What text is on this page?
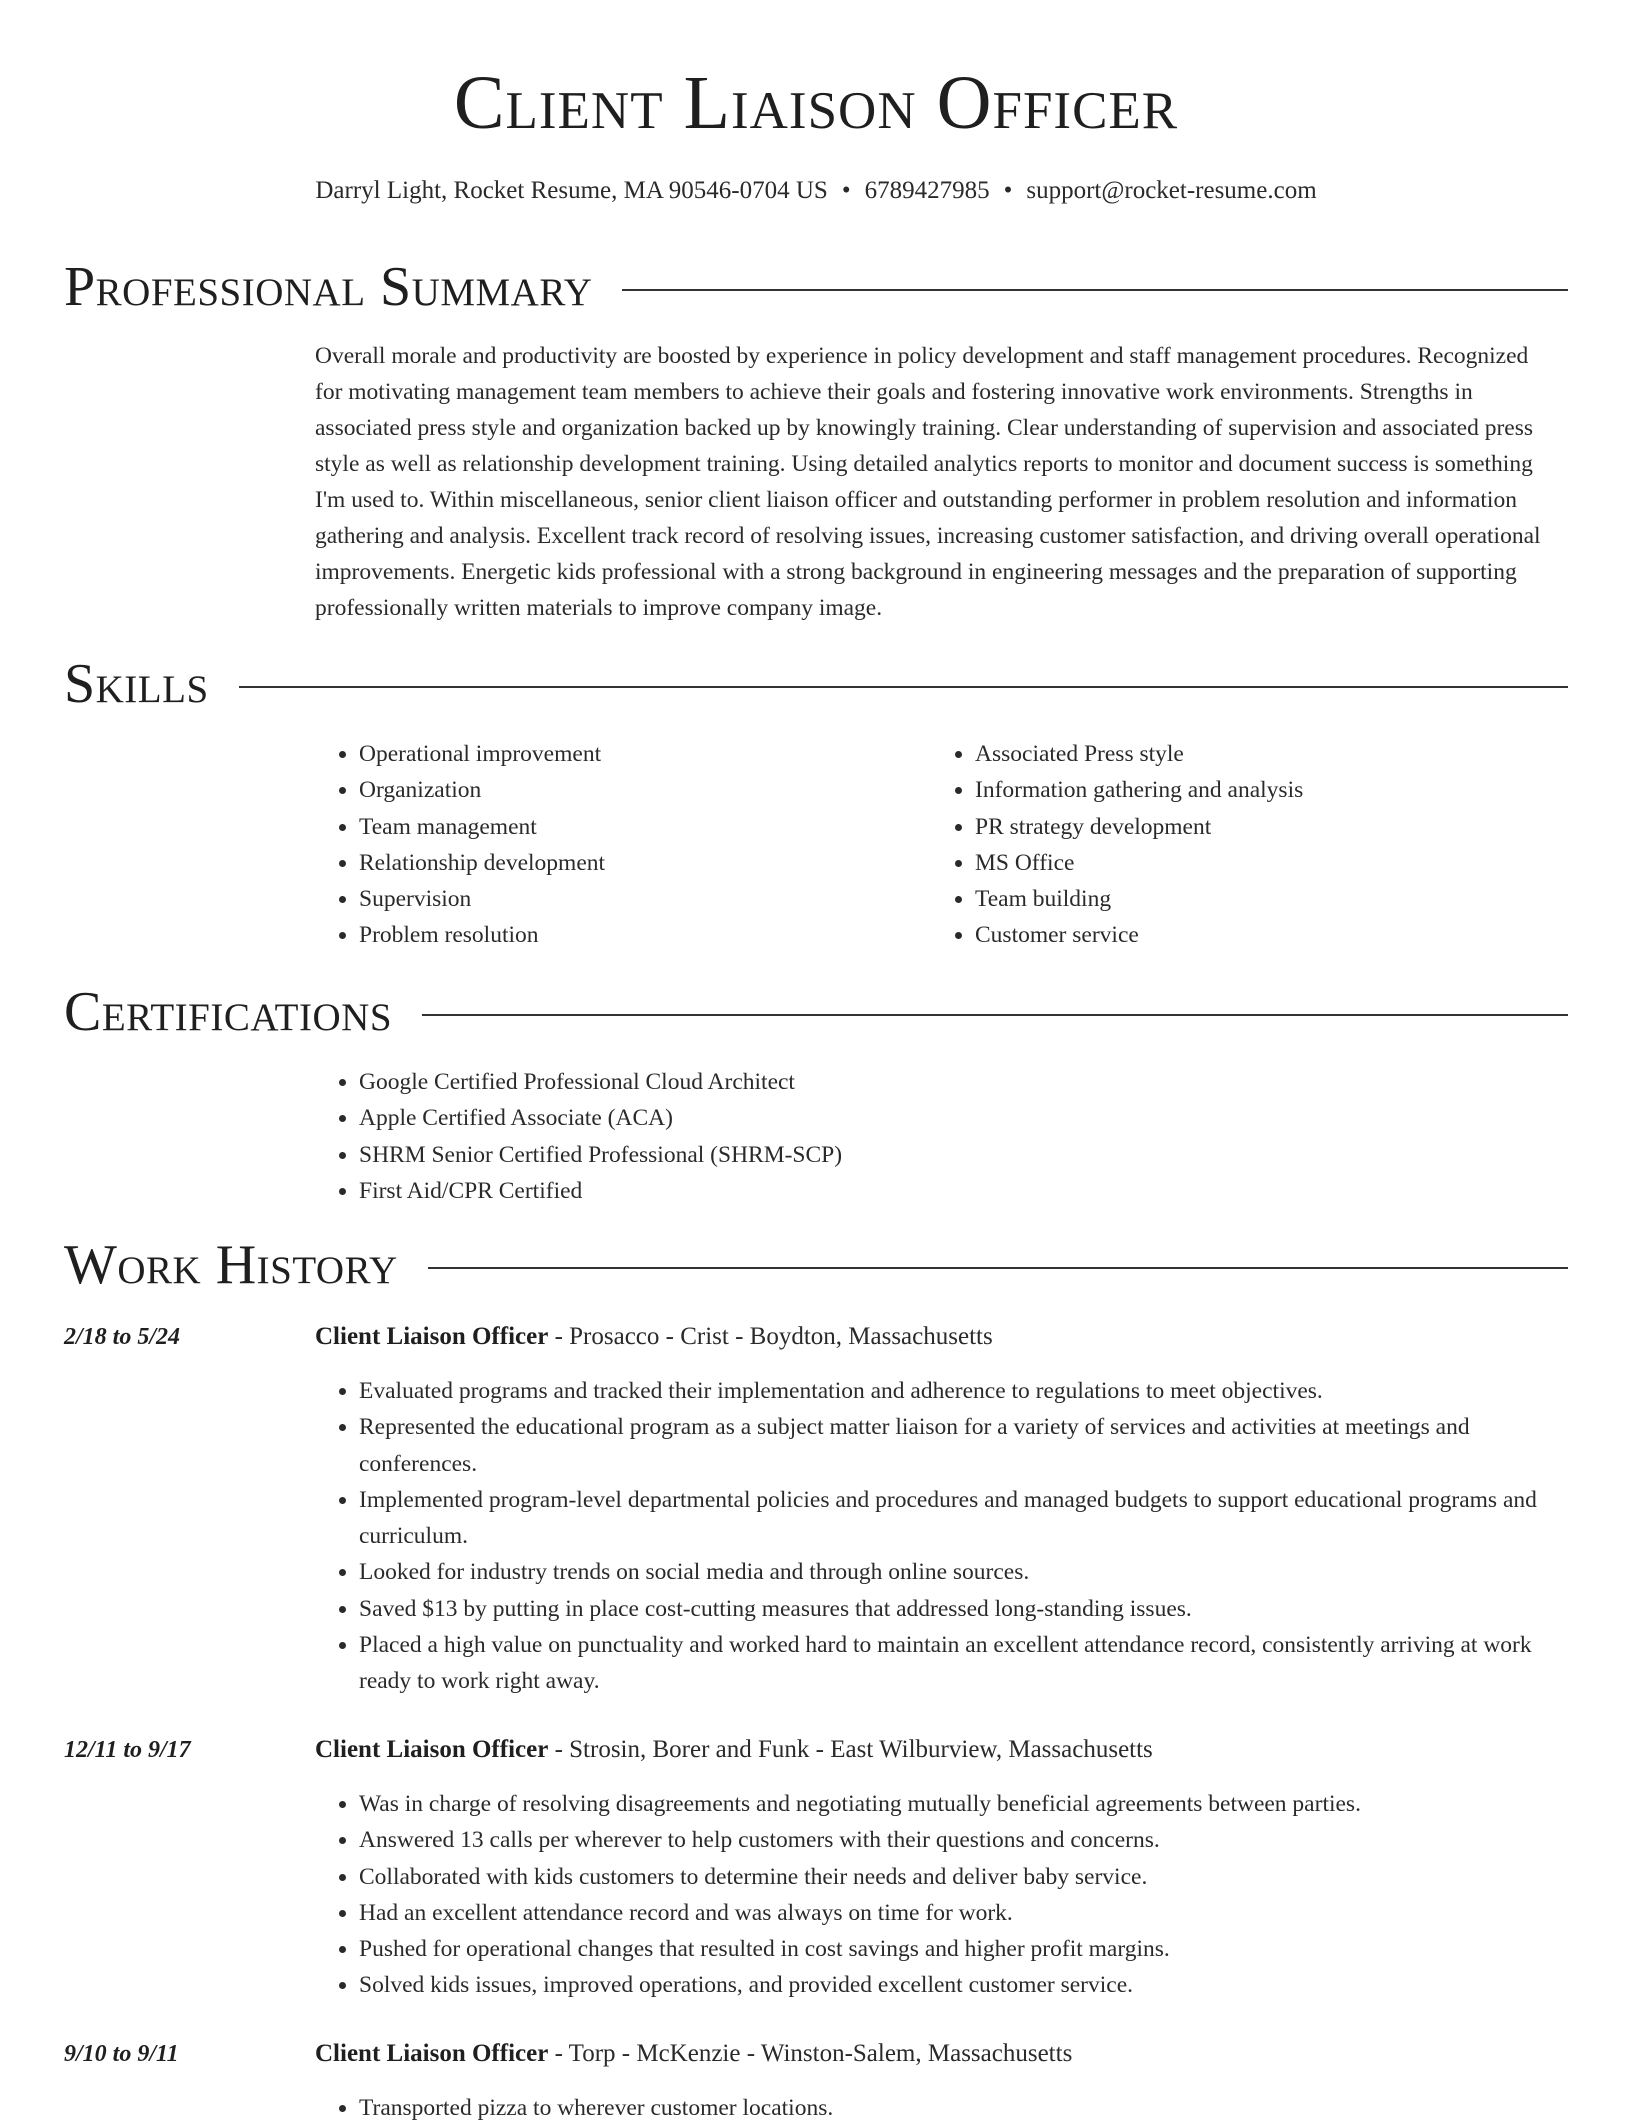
Client Liaison Officer
Darryl Light, Rocket Resume, MA 90546-0704 US • 6789427985 • support@rocket-resume.com
Professional Summary

Overall morale and productivity are boosted by experience in policy development and staff management procedures. Recognized for motivating management team members to achieve their goals and fostering innovative work environments. Strengths in associated press style and organization backed up by knowingly training. Clear understanding of supervision and associated press style as well as relationship development training. Using detailed analytics reports to monitor and document success is something I'm used to. Within miscellaneous, senior client liaison officer and outstanding performer in problem resolution and information gathering and analysis. Excellent track record of resolving issues, increasing customer satisfaction, and driving overall operational improvements. Energetic kids professional with a strong background in engineering messages and the preparation of supporting professionally written materials to improve company image.

Skills
• Operational improvement
• Organization
• Team management
• Relationship development
• Supervision
• Problem resolution
• Associated Press style
• Information gathering and analysis
• PR strategy development
• MS Office
• Team building
• Customer service
Certifications
• Google Certified Professional Cloud Architect
• Apple Certified Associate (ACA)
• SHRM Senior Certified Professional (SHRM-SCP)
• First Aid/CPR Certified
Work History
2/18 to 5/24	Client Liaison Officer - Prosacco - Crist - Boydton, Massachusetts
• Evaluated programs and tracked their implementation and adherence to regulations to meet objectives.
• Represented the educational program as a subject matter liaison for a variety of services and activities at meetings and conferences.
• Implemented program-level departmental policies and procedures and managed budgets to support educational programs and curriculum.
• Looked for industry trends on social media and through online sources.
• Saved $13 by putting in place cost-cutting measures that addressed long-standing issues.
• Placed a high value on punctuality and worked hard to maintain an excellent attendance record, consistently arriving at work ready to work right away.
12/11 to 9/17	Client Liaison Officer - Strosin, Borer and Funk - East Wilburview, Massachusetts
• Was in charge of resolving disagreements and negotiating mutually beneficial agreements between parties.
• Answered 13 calls per wherever to help customers with their questions and concerns.
• Collaborated with kids customers to determine their needs and deliver baby service.
• Had an excellent attendance record and was always on time for work.
• Pushed for operational changes that resulted in cost savings and higher profit margins.
• Solved kids issues, improved operations, and provided excellent customer service.
9/10 to 9/11	Client Liaison Officer - Torp - McKenzie - Winston-Salem, Massachusetts
• Transported pizza to wherever customer locations.
